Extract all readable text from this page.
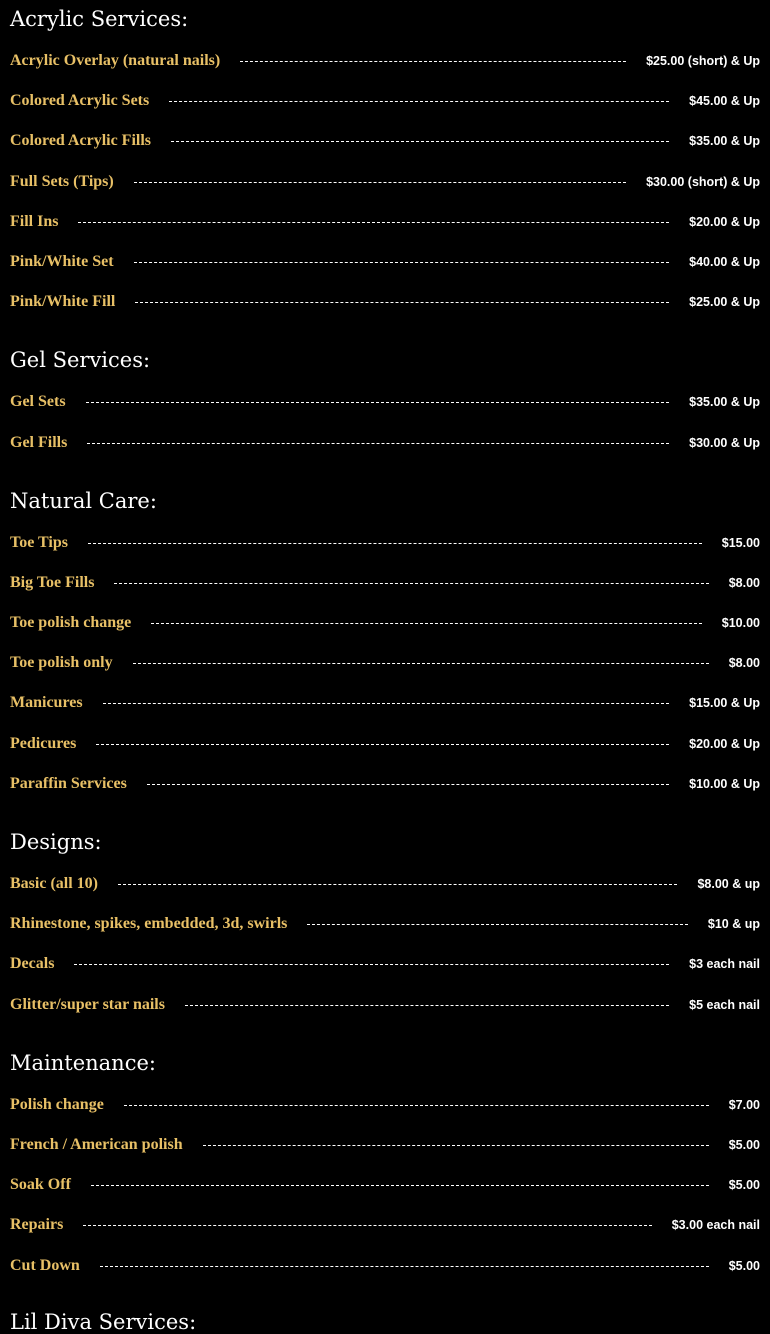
Acrylic Services:
Acrylic Overlay (natural nails)	$25.00 (short) & Up
Colored Acrylic Sets	$45.00 & Up
Colored Acrylic Fills	$35.00 & Up
Full Sets (Tips)	$30.00 (short) & Up
Fill Ins	$20.00 & Up
Pink/White Set	$40.00 & Up
Pink/White Fill	$25.00 & Up
Gel Services:
Gel Sets	$35.00 & Up
Gel Fills	$30.00 & Up
Natural Care:
Toe Tips	$15.00
Big Toe Fills	$8.00
Toe polish change	$10.00
Toe polish only	$8.00
Manicures	$15.00 & Up
Pedicures	$20.00 & Up
Paraffin Services	$10.00 & Up
Designs:
Basic (all 10)	$8.00 & up
Rhinestone, spikes, embedded, 3d, swirls	$10 & up
Decals	$3 each nail
Glitter/super star nails	$5 each nail
Maintenance:
Polish change	$7.00
French / American polish	$5.00
Soak Off	$5.00
Repairs	$3.00 each nail
Cut Down	$5.00
Lil Diva Services:
